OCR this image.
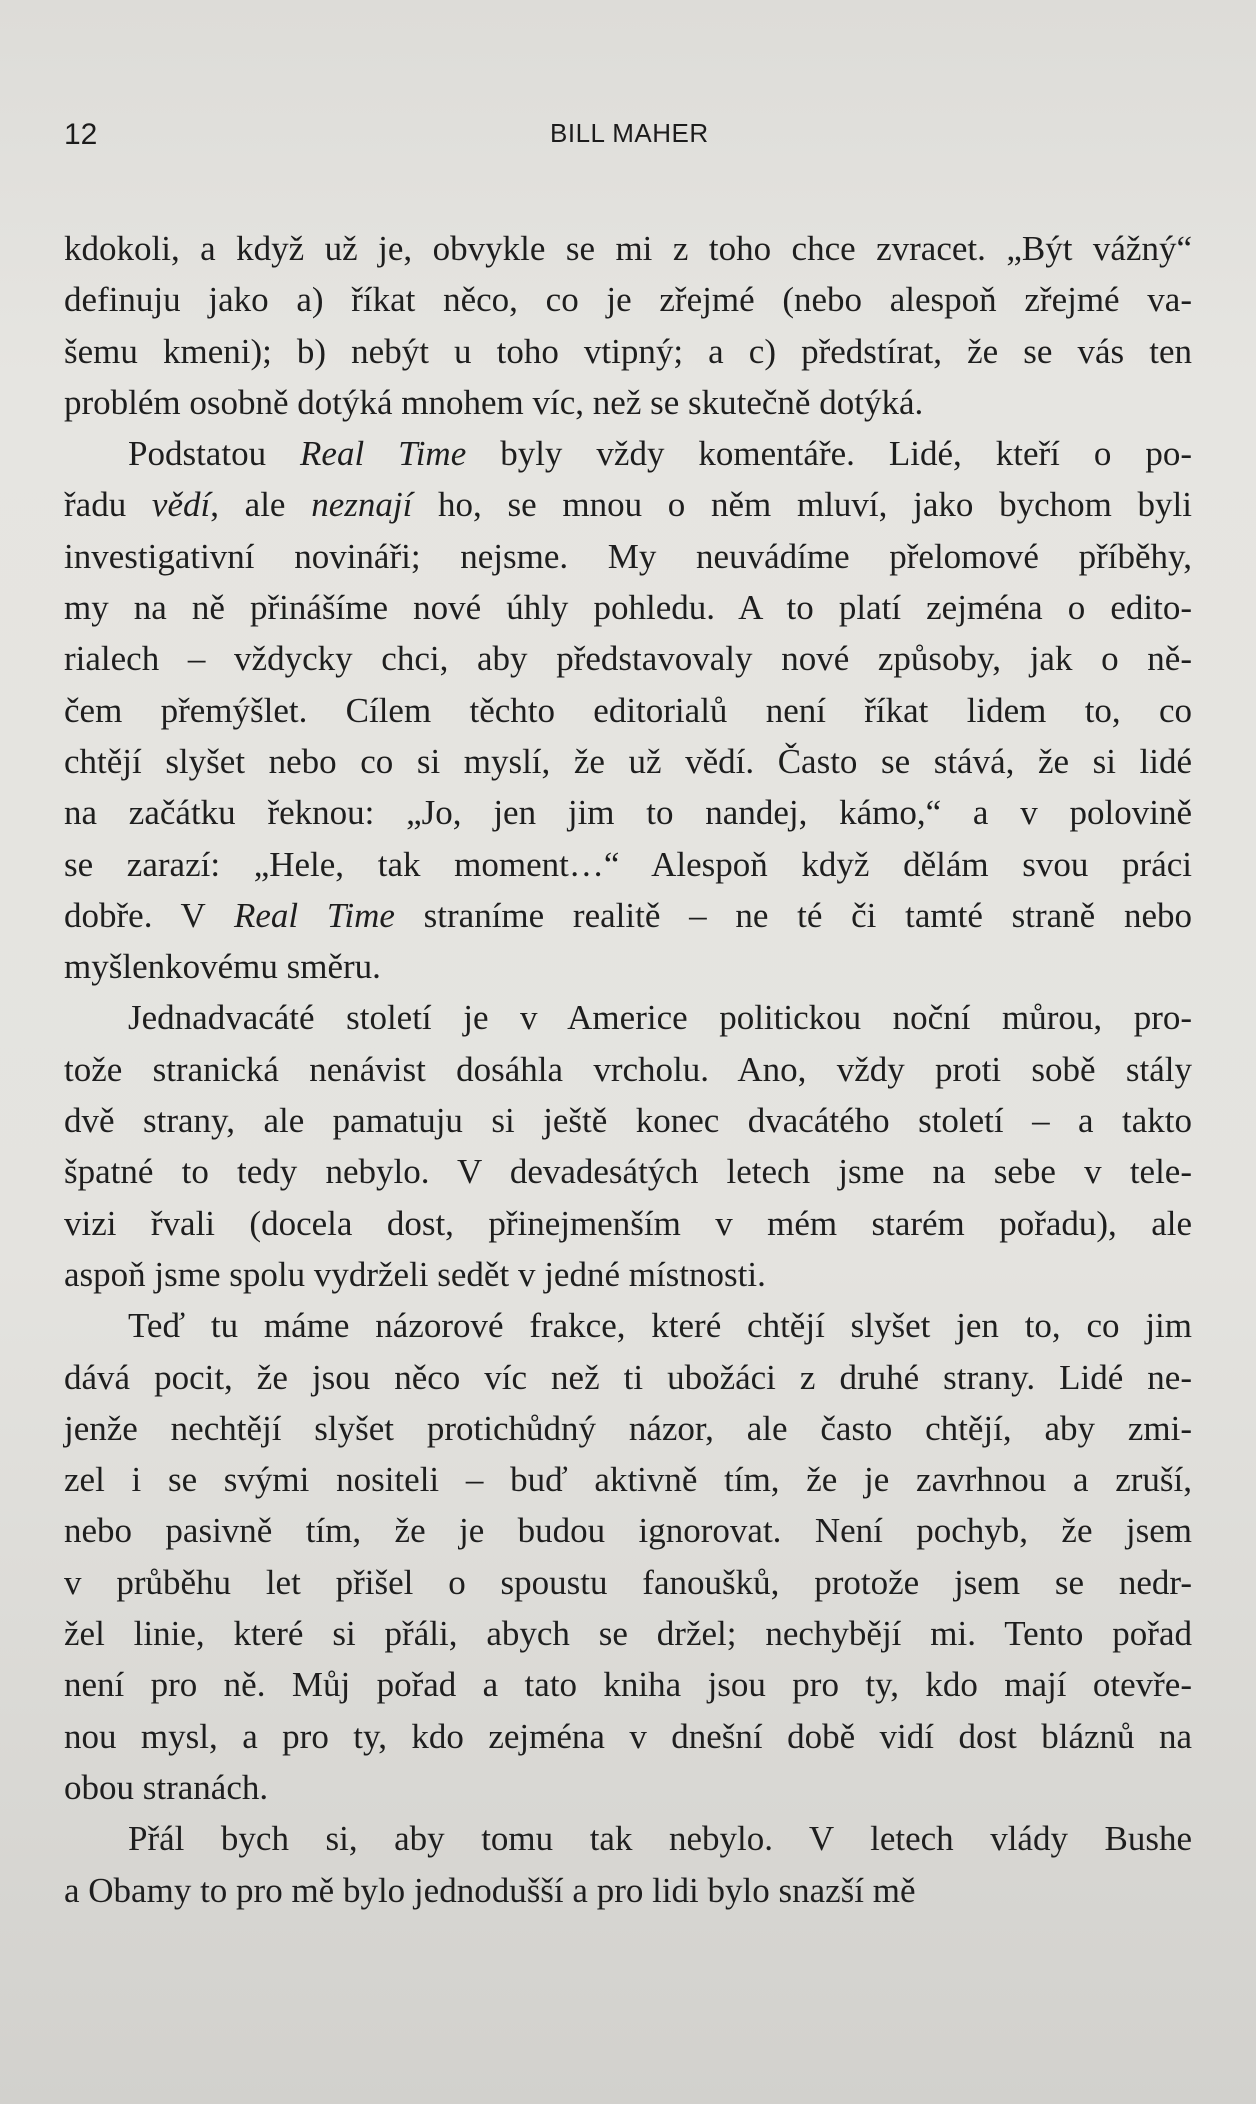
12	BILL MAHER
kdokoli, a když už je, obvykle se mi z toho chce zvracet. „Být vážný“
definuju jako a) říkat něco, co je zřejmé (nebo alespoň zřejmé va-
šemu kmeni); b) nebýt u toho vtipný; a c) předstírat, že se vás ten
problém osobně dotýká mnohem víc, než se skutečně dotýká.
Podstatou Real Time byly vždy komentáře. Lidé, kteří o po-
řadu vědí, ale neznají ho, se mnou o něm mluví, jako bychom byli
investigativní novináři; nejsme. My neuvádíme přelomové příběhy,
my na ně přinášíme nové úhly pohledu. A to platí zejména o edito-
rialech – vždycky chci, aby představovaly nové způsoby, jak o ně-
čem přemýšlet. Cílem těchto editorialů není říkat lidem to, co
chtějí slyšet nebo co si myslí, že už vědí. Často se stává, že si lidé
na začátku řeknou: „Jo, jen jim to nandej, kámo,“ a v polovině
se zarazí: „Hele, tak moment…“ Alespoň když dělám svou práci
dobře. V Real Time straníme realitě – ne té či tamté straně nebo
myšlenkovému směru.
Jednadvacáté století je v Americe politickou noční můrou, pro-
tože stranická nenávist dosáhla vrcholu. Ano, vždy proti sobě stály
dvě strany, ale pamatuju si ještě konec dvacátého století – a takto
špatné to tedy nebylo. V devadesátých letech jsme na sebe v tele-
vizi řvali (docela dost, přinejmenším v mém starém pořadu), ale
aspoň jsme spolu vydrželi sedět v jedné místnosti.
Teď tu máme názorové frakce, které chtějí slyšet jen to, co jim
dává pocit, že jsou něco víc než ti ubožáci z druhé strany. Lidé ne-
jenže nechtějí slyšet protichůdný názor, ale často chtějí, aby zmi-
zel i se svými nositeli – buď aktivně tím, že je zavrhnou a zruší,
nebo pasivně tím, že je budou ignorovat. Není pochyb, že jsem
v průběhu let přišel o spoustu fanoušků, protože jsem se nedr-
žel linie, které si přáli, abych se držel; nechybějí mi. Tento pořad
není pro ně. Můj pořad a tato kniha jsou pro ty, kdo mají otevře-
nou mysl, a pro ty, kdo zejména v dnešní době vidí dost bláznů na
obou stranách.
Přál bych si, aby tomu tak nebylo. V letech vlády Bushe
a Obamy to pro mě bylo jednodušší a pro lidi bylo snazší mě
